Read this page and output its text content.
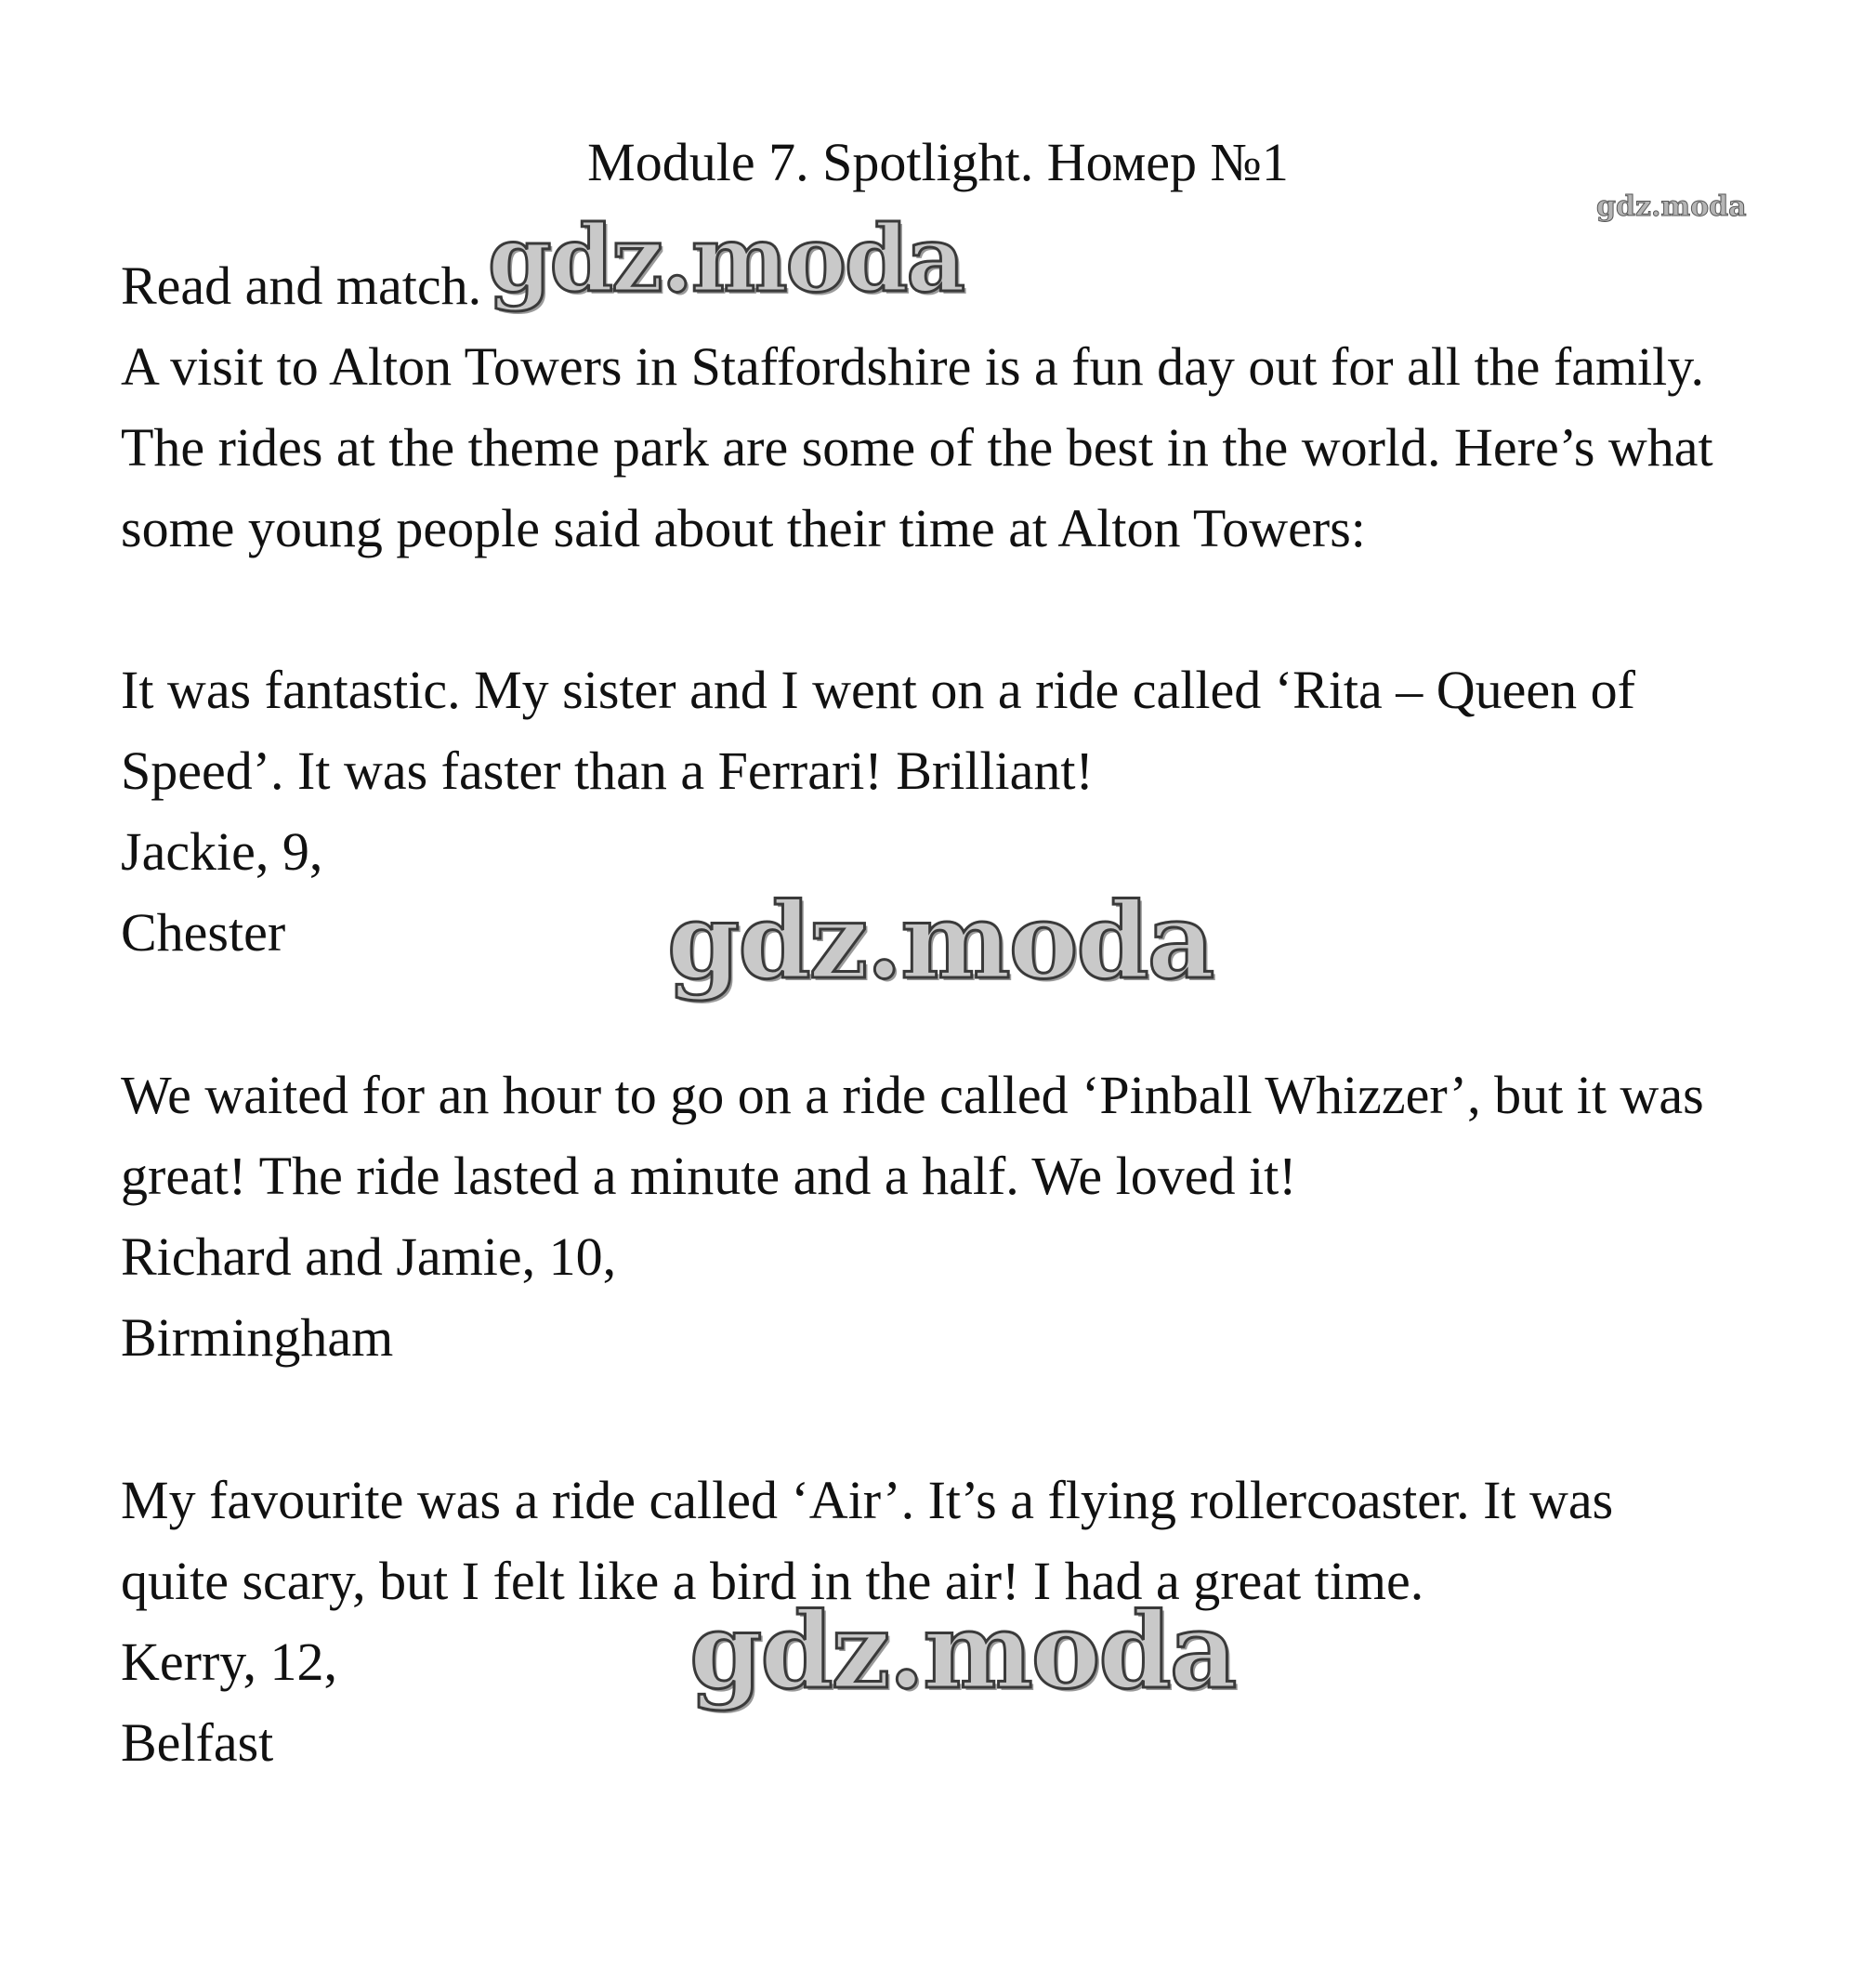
Module 7. Spotlight. Номер №1
gdz.moda
Read and match. gdz.moda
A visit to Alton Towers in Staffordshire is a fun day out for all the family.
The rides at the theme park are some of the best in the world. Here’s what
some young people said about their time at Alton Towers:
It was fantastic. My sister and I went on a ride called ‘Rita – Queen of
Speed’. It was faster than a Ferrari! Brilliant!
Jackie, 9,
Chester	gdz.moda
We waited for an hour to go on a ride called ‘Pinball Whizzer’, but it was
great! The ride lasted a minute and a half. We loved it!
Richard and Jamie, 10,
Birmingham
My favourite was a ride called ‘Air’. It’s a flying rollercoaster. It was
quite scary, but I felt like a bird in the air! I had a great time.
Kerry, 12,
Belfast
gdz.moda
